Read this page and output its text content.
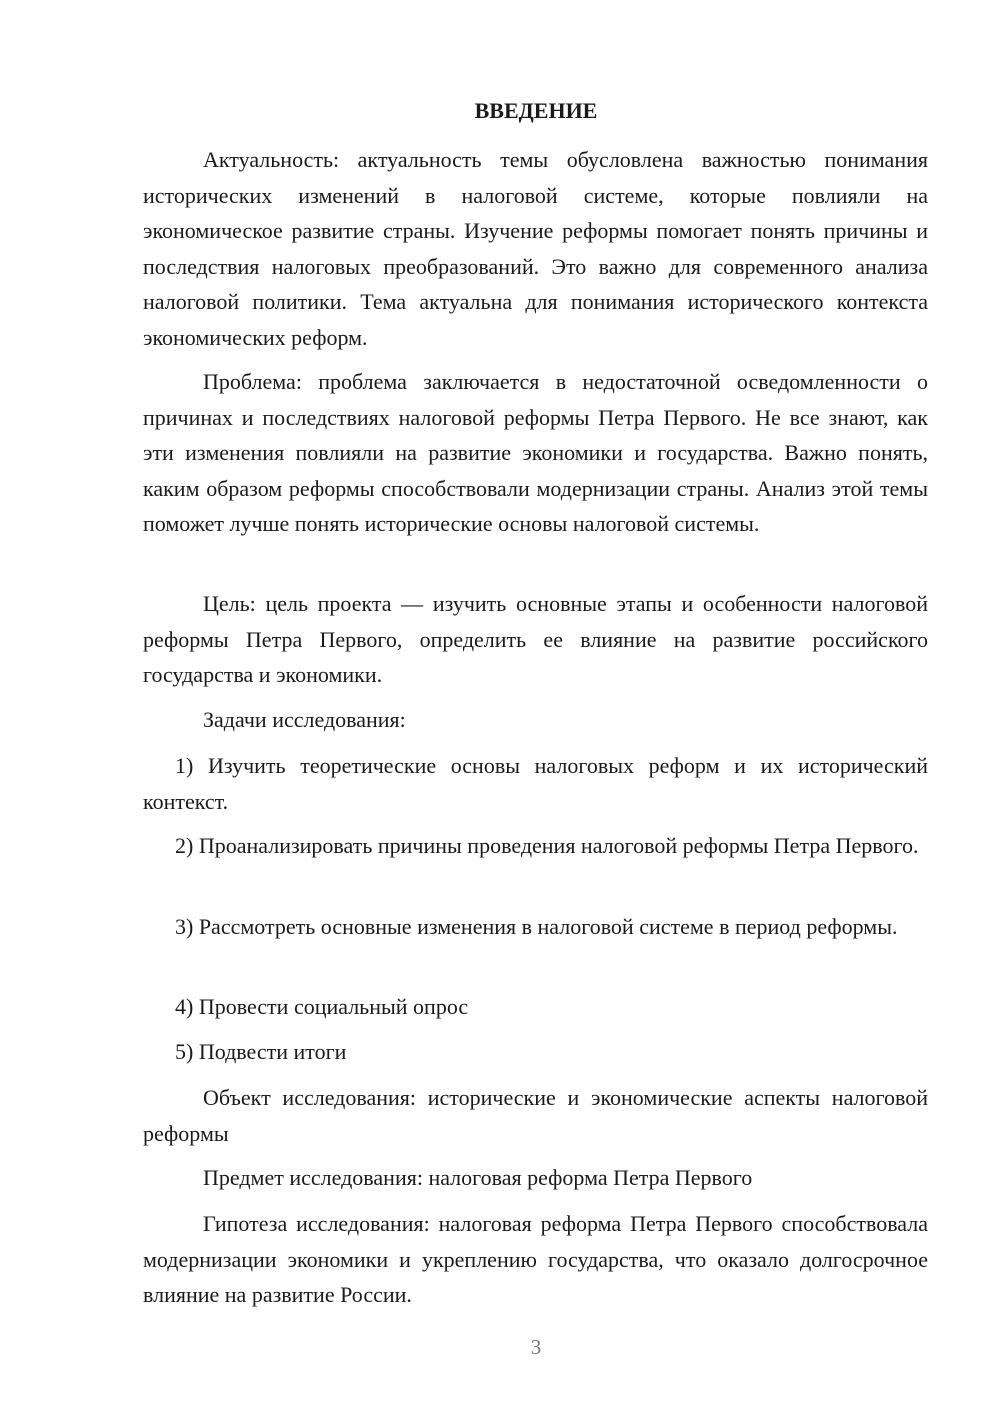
ВВЕДЕНИЕ

Актуальность: актуальность темы обусловлена важностью понимания исторических изменений в налоговой системе, которые повлияли на экономическое развитие страны. Изучение реформы помогает понять причины и последствия налоговых преобразований. Это важно для современного анализа налоговой политики. Тема актуальна для понимания исторического контекста экономических реформ.

Проблема: проблема заключается в недостаточной осведомленности о причинах и последствиях налоговой реформы Петра Первого. Не все знают, как эти изменения повлияли на развитие экономики и государства. Важно понять, каким образом реформы способствовали модернизации страны. Анализ этой темы поможет лучше понять исторические основы налоговой системы.

Цель: цель проекта — изучить основные этапы и особенности налоговой реформы Петра Первого, определить ее влияние на развитие российского государства и экономики.

Задачи исследования:

1) Изучить теоретические основы налоговых реформ и их исторический контекст.

2) Проанализировать причины проведения налоговой реформы Петра Первого.

3) Рассмотреть основные изменения в налоговой системе в период реформы.

4) Провести социальный опрос

5) Подвести итоги

Объект исследования: исторические и экономические аспекты налоговой реформы

Предмет исследования: налоговая реформа Петра Первого

Гипотеза исследования: налоговая реформа Петра Первого способствовала модернизации экономики и укреплению государства, что оказало долгосрочное влияние на развитие России.

3
